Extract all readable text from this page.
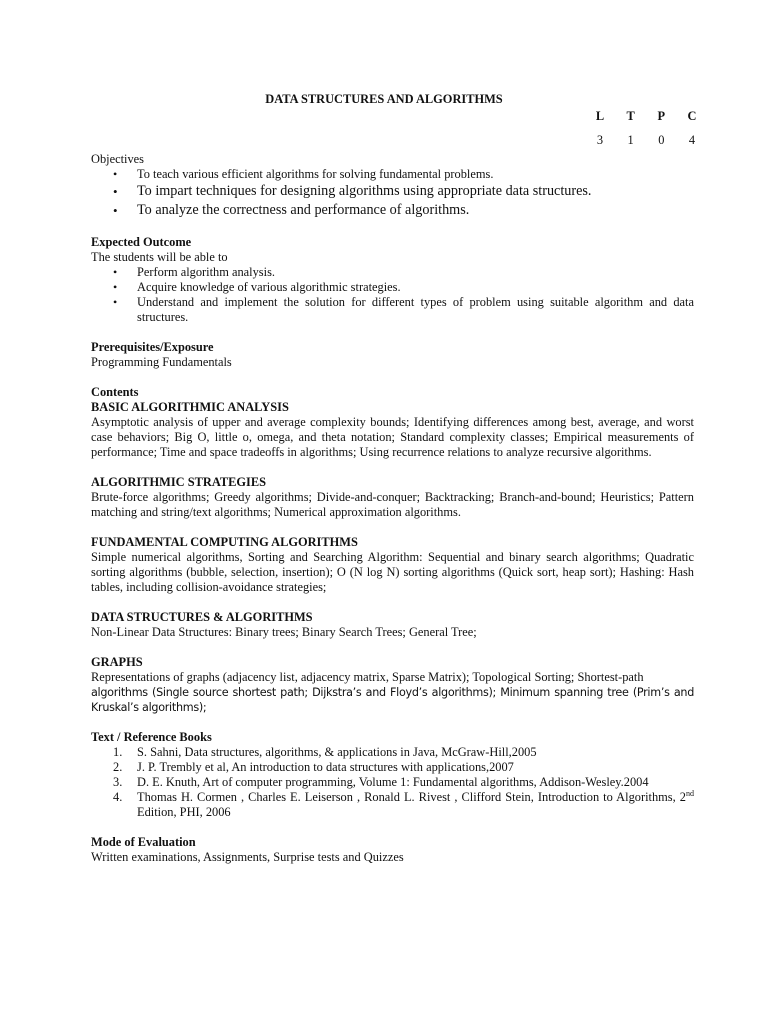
DATA STRUCTURES AND ALGORITHMS
L	T	P	C
3	1	0	4
Objectives
• To teach various efficient algorithms for solving fundamental problems.
• To impart techniques for designing algorithms using appropriate data structures.
• To analyze the correctness and performance of algorithms.
Expected Outcome
The students will be able to
• Perform algorithm analysis.
• Acquire knowledge of various algorithmic strategies.
• Understand and implement the solution for different types of problem using suitable algorithm and data structures.
Prerequisites/Exposure
Programming Fundamentals
Contents
BASIC ALGORITHMIC ANALYSIS
Asymptotic analysis of upper and average complexity bounds; Identifying differences among best, average, and worst case behaviors; Big O, little o, omega, and theta notation; Standard complexity classes; Empirical measurements of performance; Time and space tradeoffs in algorithms; Using recurrence relations to analyze recursive algorithms.
ALGORITHMIC STRATEGIES
Brute-force algorithms; Greedy algorithms; Divide-and-conquer; Backtracking; Branch-and-bound; Heuristics; Pattern matching and string/text algorithms; Numerical approximation algorithms.
FUNDAMENTAL COMPUTING ALGORITHMS
Simple numerical algorithms, Sorting and Searching Algorithm: Sequential and binary search algorithms; Quadratic sorting algorithms (bubble, selection, insertion); O (N log N) sorting algorithms (Quick sort, heap sort); Hashing: Hash tables, including collision-avoidance strategies;
DATA STRUCTURES & ALGORITHMS
Non-Linear Data Structures: Binary trees; Binary Search Trees; General Tree;
GRAPHS
Representations of graphs (adjacency list, adjacency matrix, Sparse Matrix); Topological Sorting; Shortest-path
algorithms (Single source shortest path; Dijkstra’s and Floyd’s algorithms); Minimum spanning tree (Prim’s and Kruskal’s algorithms);
Text / Reference Books
1. S. Sahni, Data structures, algorithms, & applications in Java, McGraw-Hill,2005
2. J. P. Trembly et al, An introduction to data structures with applications,2007
3. D. E. Knuth, Art of computer programming, Volume 1: Fundamental algorithms, Addison-Wesley.2004
4. Thomas H. Cormen , Charles E. Leiserson , Ronald L. Rivest , Clifford Stein, Introduction to Algorithms, 2nd Edition, PHI, 2006
Mode of Evaluation
Written examinations, Assignments, Surprise tests and Quizzes
